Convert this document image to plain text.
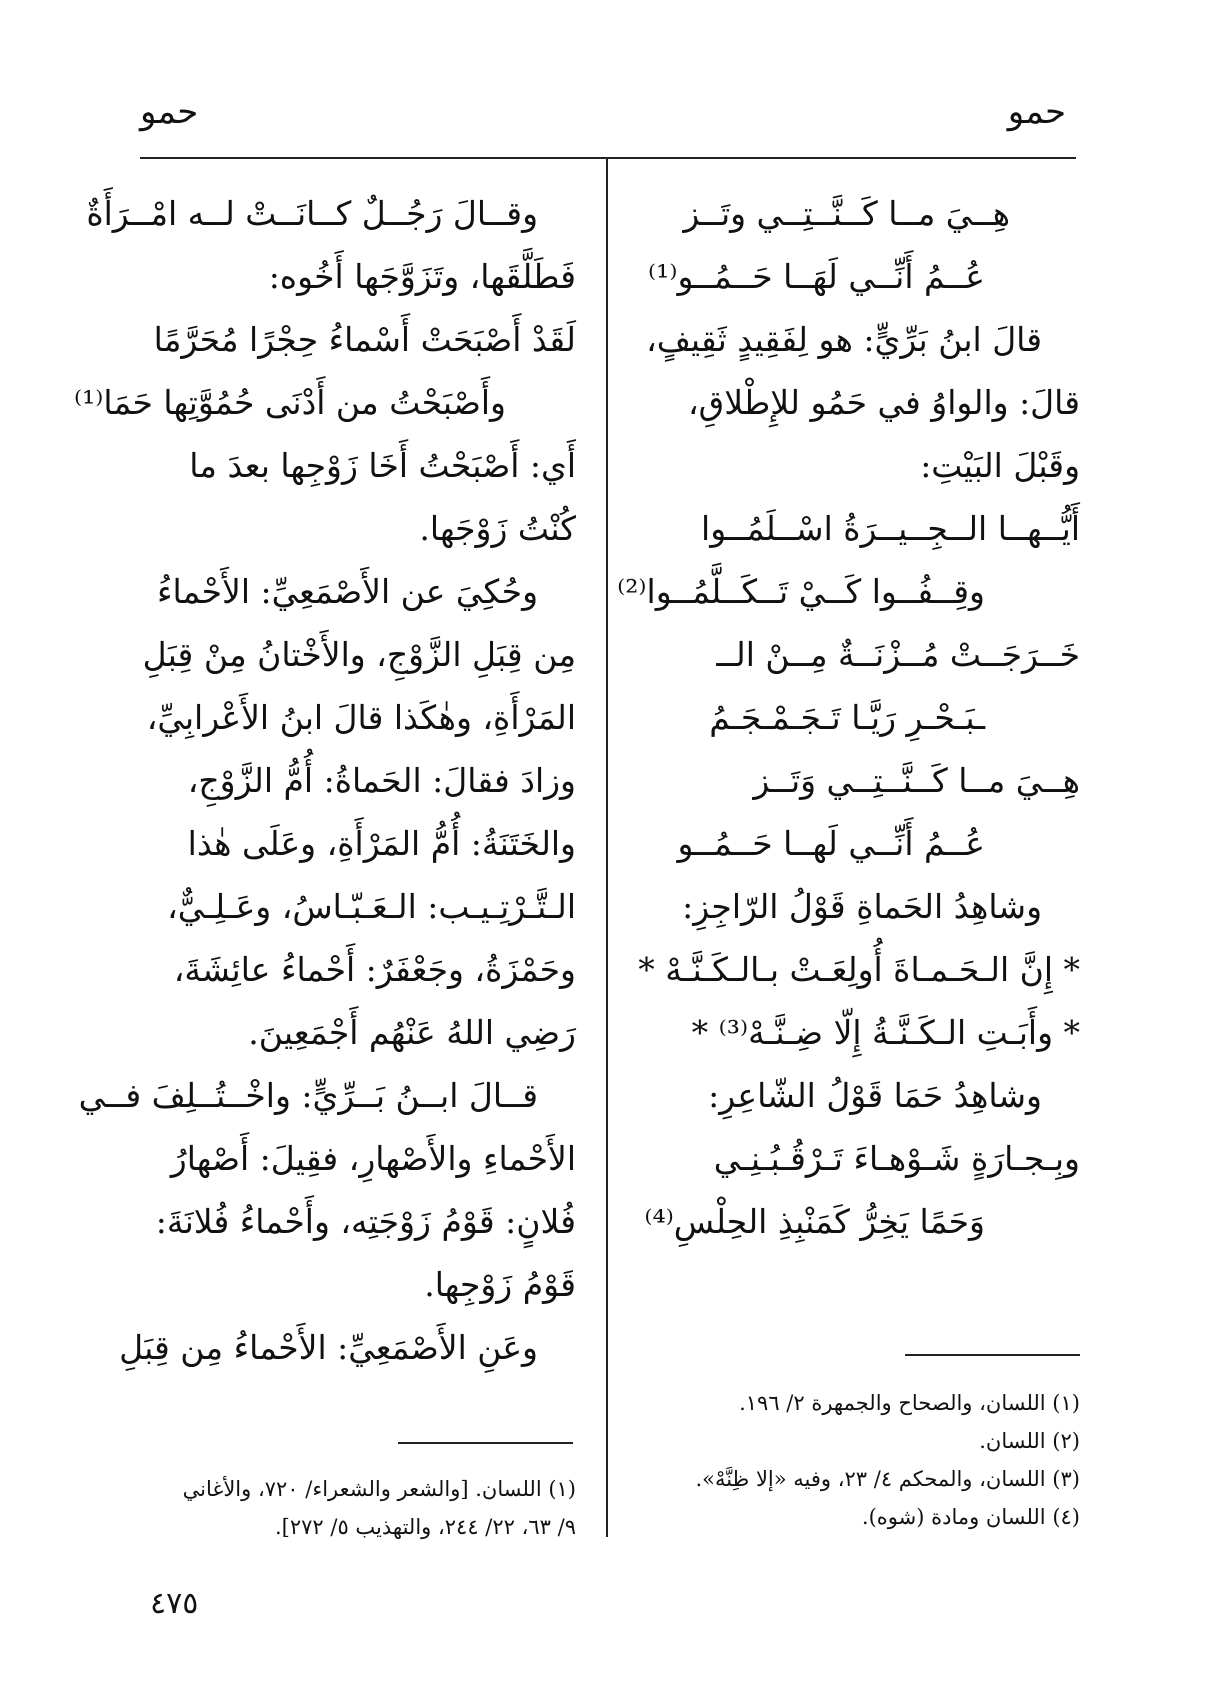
حمو
حمو
هِــيَ مــا كَــنَّــتِــي وتَــز
عُــمُ أَنِّــي لَهَــا حَــمُــو⁽¹⁾
قالَ ابنُ بَرِّيٍّ: هو لِفَقِيدٍ ثَقِيفٍ،
قالَ: والواوُ في حَمُو للإِطْلاقِ،
وقَبْلَ البَيْتِ:
أَيُّــهــا الــجِــيــرَةُ اسْــلَمُــوا
وقِــفُــوا كَــيْ تَــكَــلَّمُــوا⁽²⁾
خَــرَجَــتْ مُــزْنَــةٌ مِــنْ الــ
ـبَـحْـرِ رَيَّـا تَـجَـمْـجَـمُ
هِــيَ مــا كَــنَّــتِــي وَتَــز
عُــمُ أَنِّــي لَهــا حَــمُــو
وشاهِدُ الحَماةِ قَوْلُ الرّاجِزِ:
* إِنَّ الـحَـمـاةَ أُولِعَـتْ بـالـكَـنَّـهْ *
* وأَبَـتِ الـكَـنَّـةُ إِلّا ضِـنَّـهْ⁽³⁾ *
وشاهِدُ حَمَا قَوْلُ الشّاعِرِ:
وبِـجـارَةٍ شَـوْهـاءَ تَـرْقُـبُـنِـي
وَحَمًا يَخِرُّ كَمَنْبِذِ الحِلْسِ⁽⁴⁾
وقــالَ رَجُــلٌ كــانَــتْ لــه امْــرَأَةٌ
فَطَلَّقَها، وتَزَوَّجَها أَخُوه:
لَقَدْ أَصْبَحَتْ أَسْماءُ حِجْرًا مُحَرَّمًا
وأَصْبَحْتُ من أَدْنَى حُمُوَّتِها حَمَا⁽¹⁾
أَي: أَصْبَحْتُ أَخَا زَوْجِها بعدَ ما
كُنْتُ زَوْجَها.
وحُكِيَ عن الأَصْمَعِيِّ: الأَحْماءُ
مِن قِبَلِ الزَّوْجِ، والأَخْتانُ مِنْ قِبَلِ
المَرْأَةِ، وهٰكَذا قالَ ابنُ الأَعْرابِيِّ،
وزادَ فقالَ: الحَماةُ: أُمُّ الزَّوْجِ،
والخَتَنَةُ: أُمُّ المَرْأَةِ، وعَلَى هٰذا
الـتَّـرْتِـيـب: الـعَـبّـاسُ، وعَـلِـيٌّ،
وحَمْزَةُ، وجَعْفَرٌ: أَحْماءُ عائِشَةَ،
رَضِي اللهُ عَنْهُم أَجْمَعِينَ.
قــالَ ابــنُ بَــرِّيٍّ: واخْــتُــلِفَ فــي
الأَحْماءِ والأَصْهارِ، فقِيلَ: أَصْهارُ
فُلانٍ: قَوْمُ زَوْجَتِه، وأَحْماءُ فُلانَةَ:
قَوْمُ زَوْجِها.
وعَنِ الأَصْمَعِيِّ: الأَحْماءُ مِن قِبَلِ
(١) اللسان، والصحاح والجمهرة ٢/ ١٩٦.
(٢) اللسان.
(٣) اللسان، والمحكم ٤/ ٢٣، وفيه «إلا ظِنَّهْ».
(٤) اللسان ومادة (شوه).
(١) اللسان. [والشعر والشعراء/ ٧٢٠، والأغاني
٩/ ٦٣، ٢٢/ ٢٤٤، والتهذيب ٥/ ٢٧٢].
٤٧٥
